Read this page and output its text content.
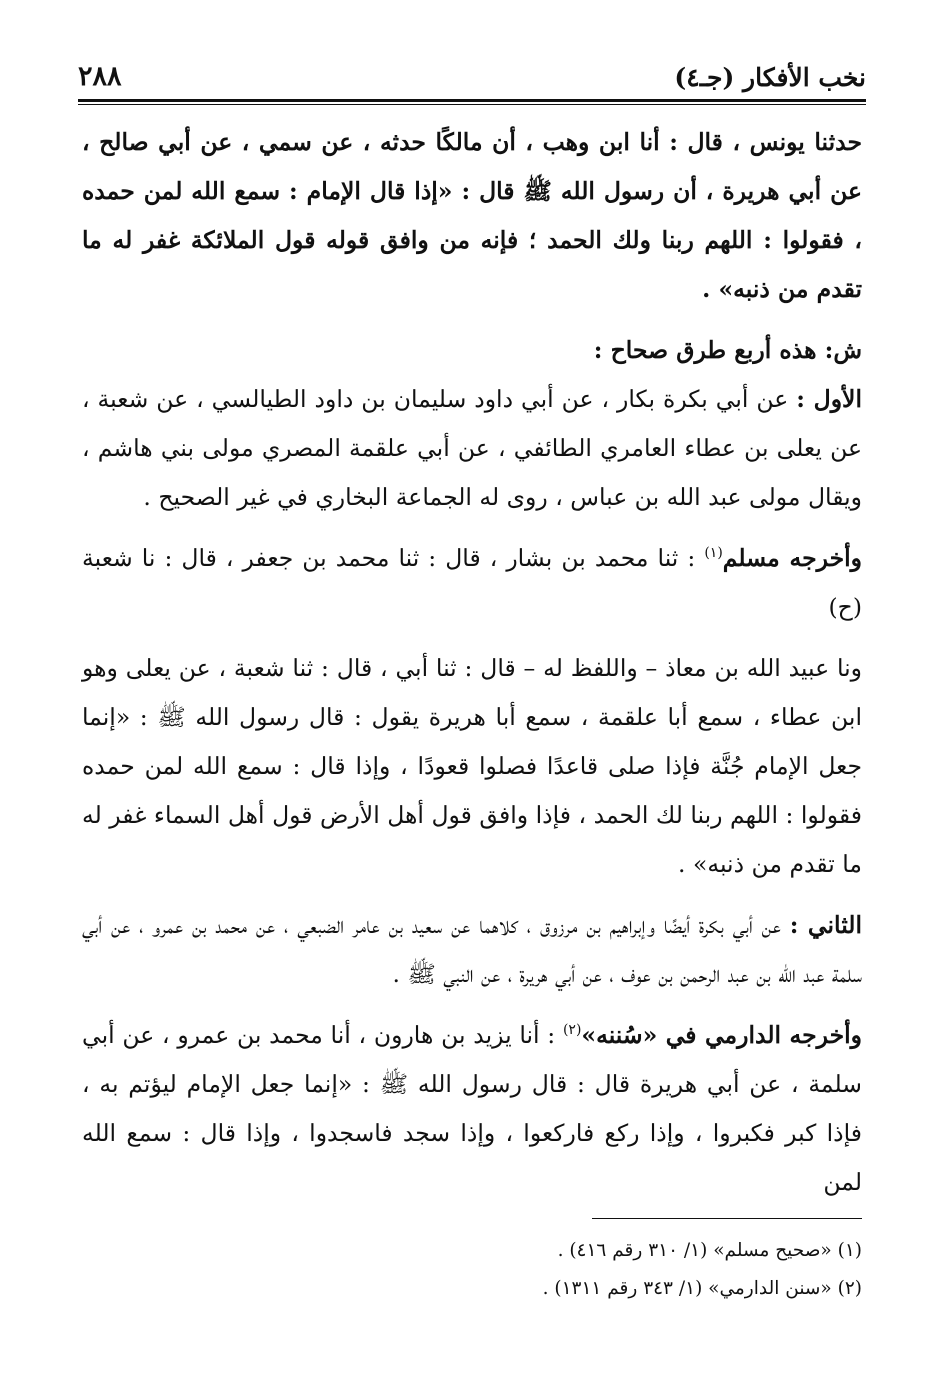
٢٨٨	نخب الأفكار (جـ٤)

حدثنا يونس ، قال : أنا ابن وهب ، أن مالكًا حدثه ، عن سمي ، عن أبي صالح ، عن أبي هريرة ، أن رسول الله ﷺ قال : «إذا قال الإمام : سمع الله لمن حمده ، فقولوا : اللهم ربنا ولك الحمد ؛ فإنه من وافق قوله قول الملائكة غفر له ما تقدم من ذنبه» .

ش: هذه أربع طرق صحاح :

الأول : عن أبي بكرة بكار ، عن أبي داود سليمان بن داود الطيالسي ، عن شعبة ، عن يعلى بن عطاء العامري الطائفي ، عن أبي علقمة المصري مولى بني هاشم ، ويقال مولى عبد الله بن عباس ، روى له الجماعة البخاري في غير الصحيح .

وأخرجه مسلم$^{(١)}$ : ثنا محمد بن بشار ، قال : ثنا محمد بن جعفر ، قال : نا شعبة (ح)

ونا عبيد الله بن معاذ – واللفظ له – قال : ثنا أبي ، قال : ثنا شعبة ، عن يعلى وهو ابن عطاء ، سمع أبا علقمة ، سمع أبا هريرة يقول : قال رسول الله ﷺ : «إنما جعل الإمام جُنَّة فإذا صلى قاعدًا فصلوا قعودًا ، وإذا قال : سمع الله لمن حمده فقولوا : اللهم ربنا لك الحمد ، فإذا وافق قول أهل الأرض قول أهل السماء غفر له ما تقدم من ذنبه» .

الثاني : عن أبي بكرة أيضًا وإبراهيم بن مرزوق ، كلاهما عن سعيد بن عامر الضبعي ، عن محمد بن عمرو ، عن أبي سلمة عبد الله بن عبد الرحمن بن عوف ، عن أبي هريرة ، عن النبي ﷺ .

وأخرجه الدارمي في «سُننه»$^{(٢)}$ : أنا يزيد بن هارون ، أنا محمد بن عمرو ، عن أبي سلمة ، عن أبي هريرة قال : قال رسول الله ﷺ : «إنما جعل الإمام ليؤتم به ، فإذا كبر فكبروا ، وإذا ركع فاركعوا ، وإذا سجد فاسجدوا ، وإذا قال : سمع الله لمن

(١) «صحيح مسلم» (١/ ٣١٠ رقم ٤١٦) .

(٢) «سنن الدارمي» (١/ ٣٤٣ رقم ١٣١١) .
